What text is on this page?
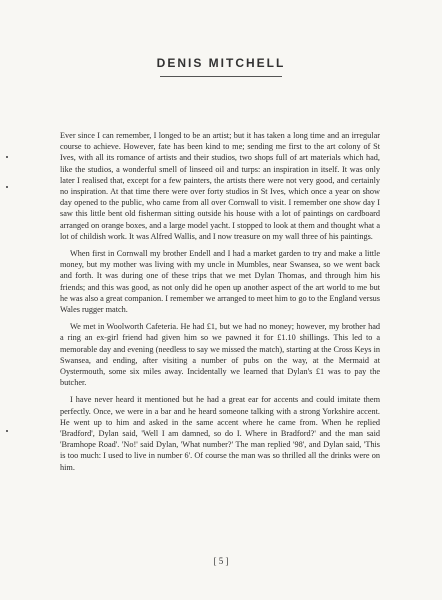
DENIS MITCHELL

Ever since I can remember, I longed to be an artist; but it has taken a long time and an irregular course to achieve. However, fate has been kind to me; sending me first to the art colony of St Ives, with all its romance of artists and their studios, two shops full of art materials which had, like the studios, a wonderful smell of linseed oil and turps: an inspiration in itself. It was only later I realised that, except for a few painters, the artists there were not very good, and certainly no inspiration. At that time there were over forty studios in St Ives, which once a year on show day opened to the public, who came from all over Cornwall to visit. I remember one show day I saw this little bent old fisherman sitting outside his house with a lot of paintings on cardboard arranged on orange boxes, and a large model yacht. I stopped to look at them and thought what a lot of childish work. It was Alfred Wallis, and I now treasure on my wall three of his paintings.

When first in Cornwall my brother Endell and I had a market garden to try and make a little money, but my mother was living with my uncle in Mumbles, near Swansea, so we went back and forth. It was during one of these trips that we met Dylan Thomas, and through him his friends; and this was good, as not only did he open up another aspect of the art world to me but he was also a great companion. I remember we arranged to meet him to go to the England versus Wales rugger match.

We met in Woolworth Cafeteria. He had £1, but we had no money; however, my brother had a ring an ex-girl friend had given him so we pawned it for £1.10 shillings. This led to a memorable day and evening (needless to say we missed the match), starting at the Cross Keys in Swansea, and ending, after visiting a number of pubs on the way, at the Mermaid at Oystermouth, some six miles away. Incidentally we learned that Dylan's £1 was to pay the butcher.

I have never heard it mentioned but he had a great ear for accents and could imitate them perfectly. Once, we were in a bar and he heard someone talking with a strong Yorkshire accent. He went up to him and asked in the same accent where he came from. When he replied 'Bradford', Dylan said, 'Well I am damned, so do I. Where in Bradford?' and the man said 'Bramhope Road'. 'No!' said Dylan, 'What number?' The man replied '98', and Dylan said, 'This is too much: I used to live in number 6'. Of course the man was so thrilled all the drinks were on him.

[ 5 ]
